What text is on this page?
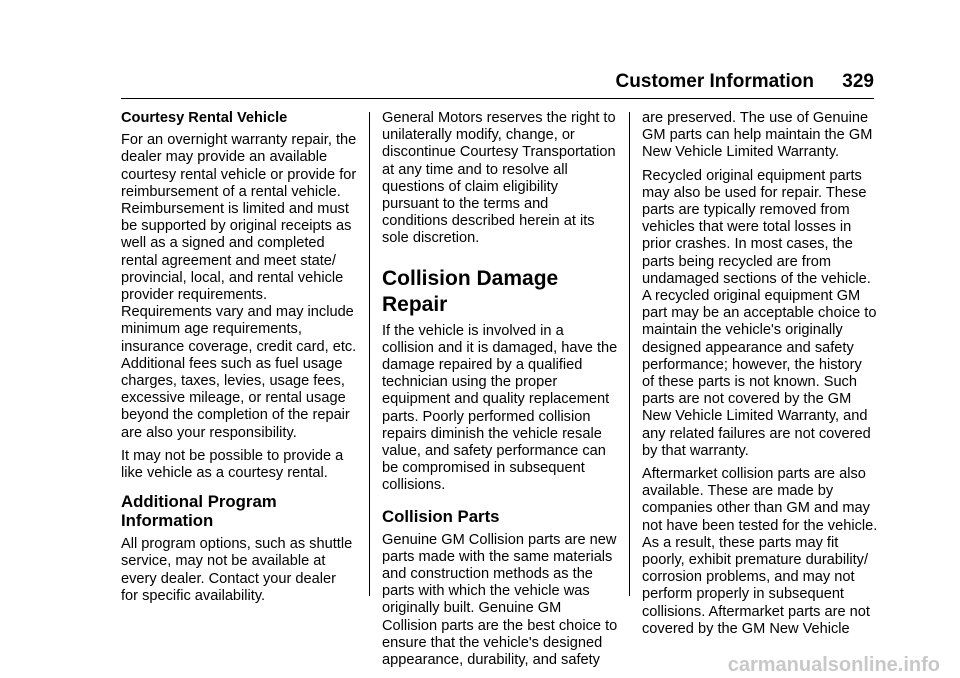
Customer Information 329

Courtesy Rental Vehicle

For an overnight warranty repair, the dealer may provide an available courtesy rental vehicle or provide for reimbursement of a rental vehicle. Reimbursement is limited and must be supported by original receipts as well as a signed and completed rental agreement and meet state/ provincial, local, and rental vehicle provider requirements. Requirements vary and may include minimum age requirements, insurance coverage, credit card, etc. Additional fees such as fuel usage charges, taxes, levies, usage fees, excessive mileage, or rental usage beyond the completion of the repair are also your responsibility.

It may not be possible to provide a like vehicle as a courtesy rental.

Additional Program Information

All program options, such as shuttle service, may not be available at every dealer. Contact your dealer for specific availability.

General Motors reserves the right to unilaterally modify, change, or discontinue Courtesy Transportation at any time and to resolve all questions of claim eligibility pursuant to the terms and conditions described herein at its sole discretion.

Collision Damage Repair

If the vehicle is involved in a collision and it is damaged, have the damage repaired by a qualified technician using the proper equipment and quality replacement parts. Poorly performed collision repairs diminish the vehicle resale value, and safety performance can be compromised in subsequent collisions.

Collision Parts

Genuine GM Collision parts are new parts made with the same materials and construction methods as the parts with which the vehicle was originally built. Genuine GM Collision parts are the best choice to ensure that the vehicle's designed appearance, durability, and safety

are preserved. The use of Genuine GM parts can help maintain the GM New Vehicle Limited Warranty.

Recycled original equipment parts may also be used for repair. These parts are typically removed from vehicles that were total losses in prior crashes. In most cases, the parts being recycled are from undamaged sections of the vehicle. A recycled original equipment GM part may be an acceptable choice to maintain the vehicle's originally designed appearance and safety performance; however, the history of these parts is not known. Such parts are not covered by the GM New Vehicle Limited Warranty, and any related failures are not covered by that warranty.

Aftermarket collision parts are also available. These are made by companies other than GM and may not have been tested for the vehicle. As a result, these parts may fit poorly, exhibit premature durability/ corrosion problems, and may not perform properly in subsequent collisions. Aftermarket parts are not covered by the GM New Vehicle

carmanualsonline.info
